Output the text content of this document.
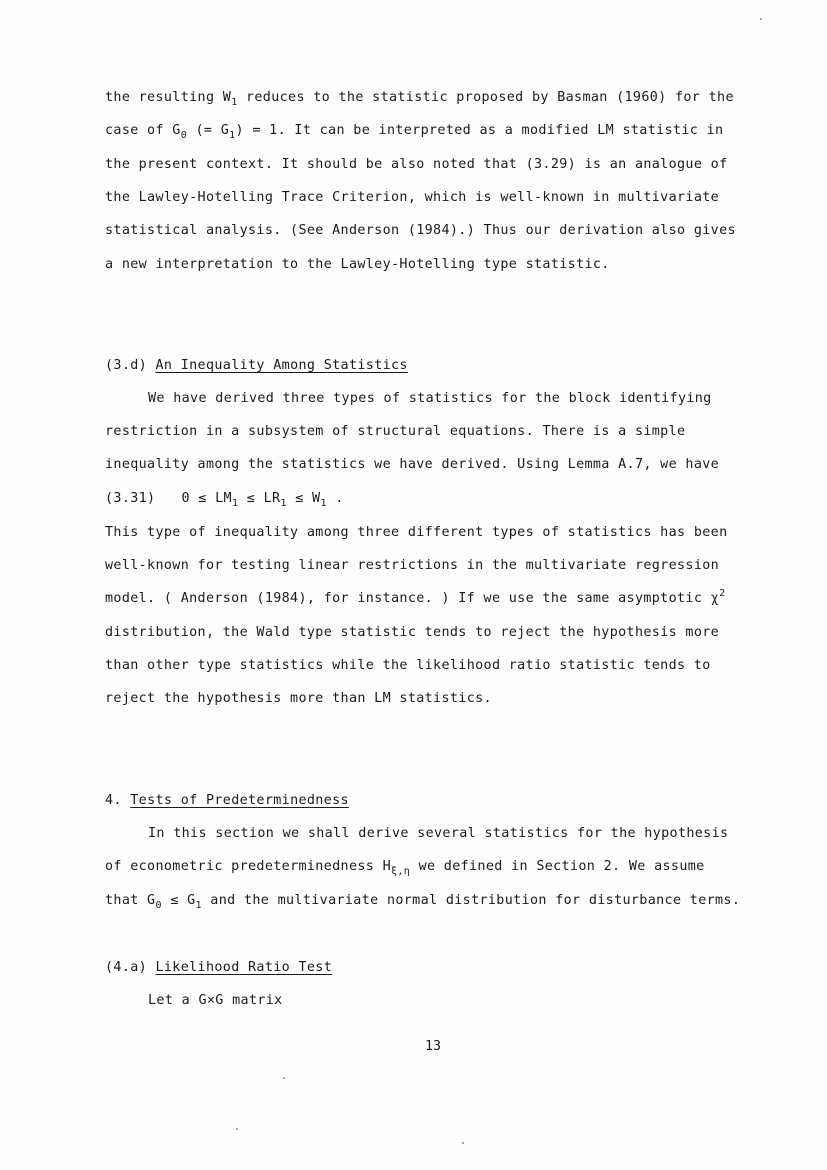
the resulting $W_1$ reduces to the statistic proposed by Basman (1960) for the
case of $G_0$ (= $G_1) = 1$. It can be interpreted as a modified LM statistic in
the present context. It should be also noted that (3.29) is an analogue of
the Lawley-Hotelling Trace Criterion, which is well-known in multivariate
statistical analysis. (See Anderson (1984).) Thus our derivation also gives
a new interpretation to the Lawley-Hotelling type statistic.
(3.d) An Inequality Among Statistics
We have derived three types of statistics for the block identifying
restriction in a subsystem of structural equations. There is a simple
inequality among the statistics we have derived. Using Lemma A.7, we have
(3.31) $0 \le LM_1 \le LR_1 \le W_1$ .
This type of inequality among three different types of statistics has been
well-known for testing linear restrictions in the multivariate regression
model. ( Anderson (1984), for instance. ) If we use the same asymptotic $\chi^2$
distribution, the Wald type statistic tends to reject the hypothesis more
than other type statistics while the likelihood ratio statistic tends to
reject the hypothesis more than LM statistics.
4. Tests of Predeterminedness
In this section we shall derive several statistics for the hypothesis
of econometric predeterminedness $H_{\xi,\eta}$ we defined in Section 2. We assume
that $G_0 \le G_1$ and the multivariate normal distribution for disturbance terms.
(4.a) Likelihood Ratio Test
Let a G×G matrix
13
